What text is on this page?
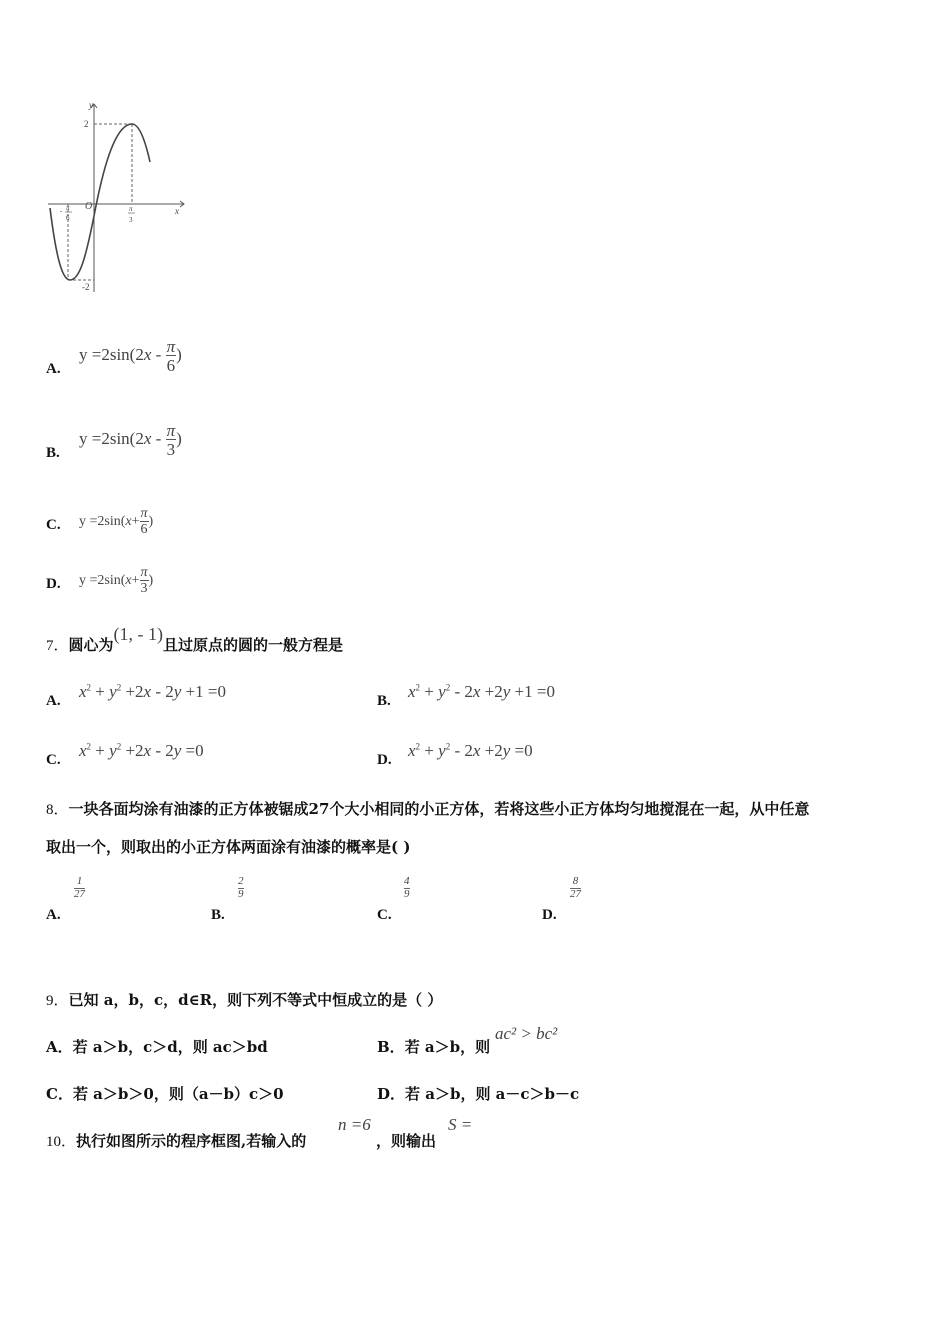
y
x
O
2
-2
- π
6
π
3
A.
$y =2\sin(2x - \frac{\pi}{6}$ )
B.
$y =2\sin(2x - \frac{\pi}{3}$ )
C. $y =2\sin(x+ \frac{\pi}{6}$ )
D. $y =2\sin(x+ \frac{\pi}{3}$ )
7．圆心为(1, - 1)且过原点的圆的一般方程是
A. $x^2 + y^2 +2x - 2y +1 =0$	B. $x^2 + y^2 - 2x +2y +1 =0$
C. $x^2 + y^2 +2x - 2y =0$	D. $x^2 + y^2 - 2x +2y =0$
8．一块各面均涂有油漆的正方体被锯成27个大小相同的小正方体，若将这些小正方体均匀地搅混在一起，从中任意
取出一个，则取出的小正方体两面涂有油漆的概率是( )
$\frac{1}{27}$
A.
$\frac{2}{9}$
B.
$\frac{4}{9}$
C.
$\frac{8}{27}$
D.
9．已知 a，b，c，d∈R，则下列不等式中恒成立的是（ ）
A．若 a＞b，c＞d，则 ac＞bd	B．若 a＞b，则
ac² > bc²
C．若 a＞b＞0，则（a－b）c＞0	D．若 a＞b，则 a－c＞b－c
10．执行如图所示的程序框图,若输入的
n =6
，则输出
S =
